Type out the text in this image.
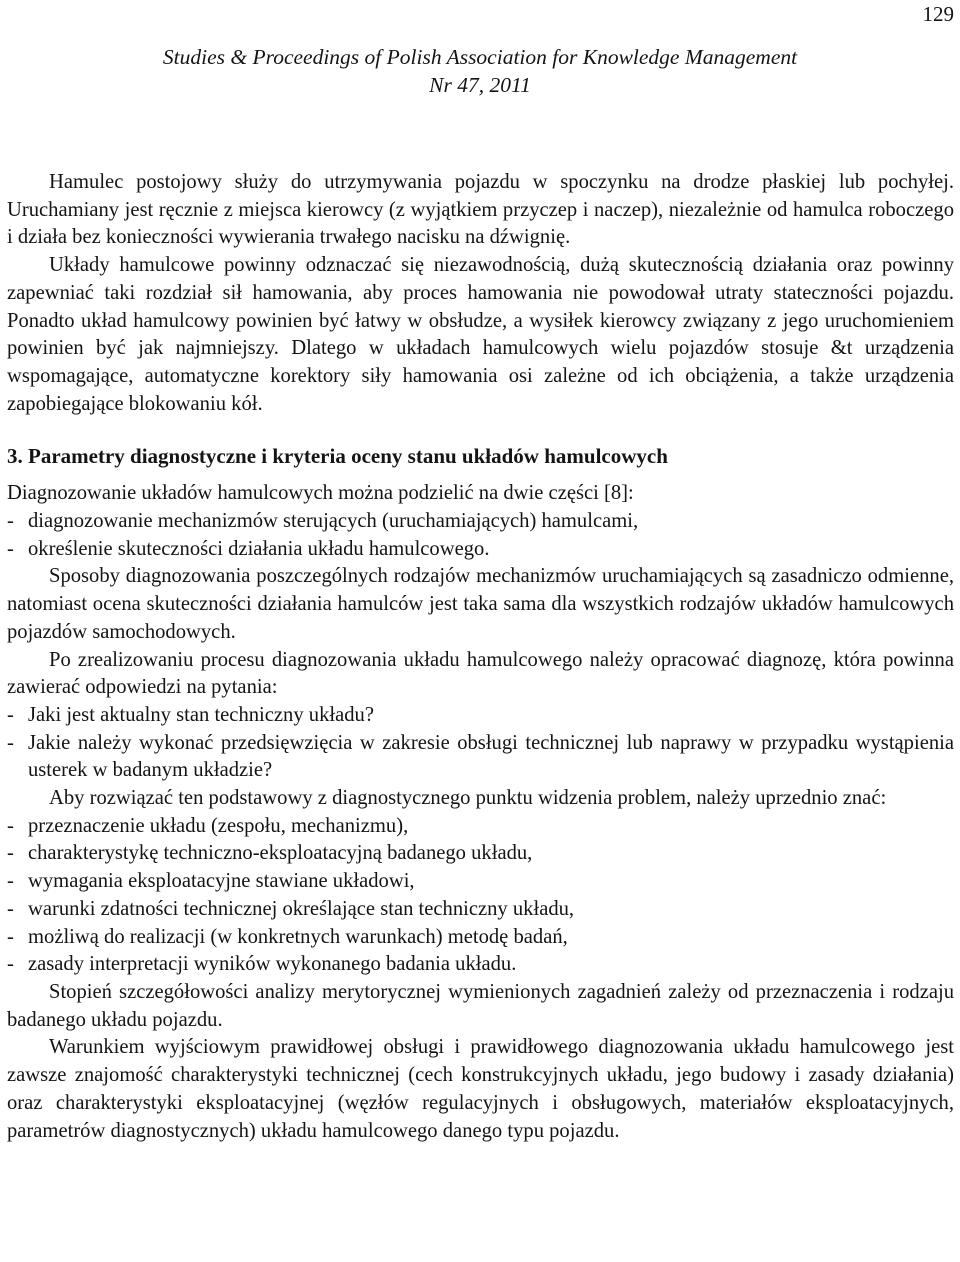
129
Studies & Proceedings of Polish Association for Knowledge Management
Nr 47, 2011

Hamulec postojowy służy do utrzymywania pojazdu w spoczynku na drodze płaskiej lub pochyłej. Uruchamiany jest ręcznie z miejsca kierowcy (z wyjątkiem przyczep i naczep), niezależnie od hamulca roboczego i działa bez konieczności wywierania trwałego nacisku na dźwignię.

Układy hamulcowe powinny odznaczać się niezawodnością, dużą skutecznością działania oraz powinny zapewniać taki rozdział sił hamowania, aby proces hamowania nie powodował utraty stateczności pojazdu. Ponadto układ hamulcowy powinien być łatwy w obsłudze, a wysiłek kierowcy związany z jego uruchomieniem powinien być jak najmniejszy. Dlatego w układach hamulcowych wielu pojazdów stosuje &t urządzenia wspomagające, automatyczne korektory siły hamowania osi zależne od ich obciążenia, a także urządzenia zapobiegające blokowaniu kół.

3. Parametry diagnostyczne i kryteria oceny stanu układów hamulcowych

Diagnozowanie układów hamulcowych można podzielić na dwie części [8]:

- diagnozowanie mechanizmów sterujących (uruchamiających) hamulcami,
- określenie skuteczności działania układu hamulcowego.

Sposoby diagnozowania poszczególnych rodzajów mechanizmów uruchamiających są zasadniczo odmienne, natomiast ocena skuteczności działania hamulców jest taka sama dla wszystkich rodzajów układów hamulcowych pojazdów samochodowych.

Po zrealizowaniu procesu diagnozowania układu hamulcowego należy opracować diagnozę, która powinna zawierać odpowiedzi na pytania:

- Jaki jest aktualny stan techniczny układu?
- Jakie należy wykonać przedsięwzięcia w zakresie obsługi technicznej lub naprawy w przypadku wystąpienia usterek w badanym układzie?

Aby rozwiązać ten podstawowy z diagnostycznego punktu widzenia problem, należy uprzednio znać:

- przeznaczenie układu (zespołu, mechanizmu),
- charakterystykę techniczno-eksploatacyjną badanego układu,
- wymagania eksploatacyjne stawiane układowi,
- warunki zdatności technicznej określające stan techniczny układu,
- możliwą do realizacji (w konkretnych warunkach) metodę badań,
- zasady interpretacji wyników wykonanego badania układu.

Stopień szczegółowości analizy merytorycznej wymienionych zagadnień zależy od przeznaczenia i rodzaju badanego układu pojazdu.

Warunkiem wyjściowym prawidłowej obsługi i prawidłowego diagnozowania układu hamulcowego jest zawsze znajomość charakterystyki technicznej (cech konstrukcyjnych układu, jego budowy i zasady działania) oraz charakterystyki eksploatacyjnej (węzłów regulacyjnych i obsługowych, materiałów eksploatacyjnych, parametrów diagnostycznych) układu hamulcowego danego typu pojazdu.
